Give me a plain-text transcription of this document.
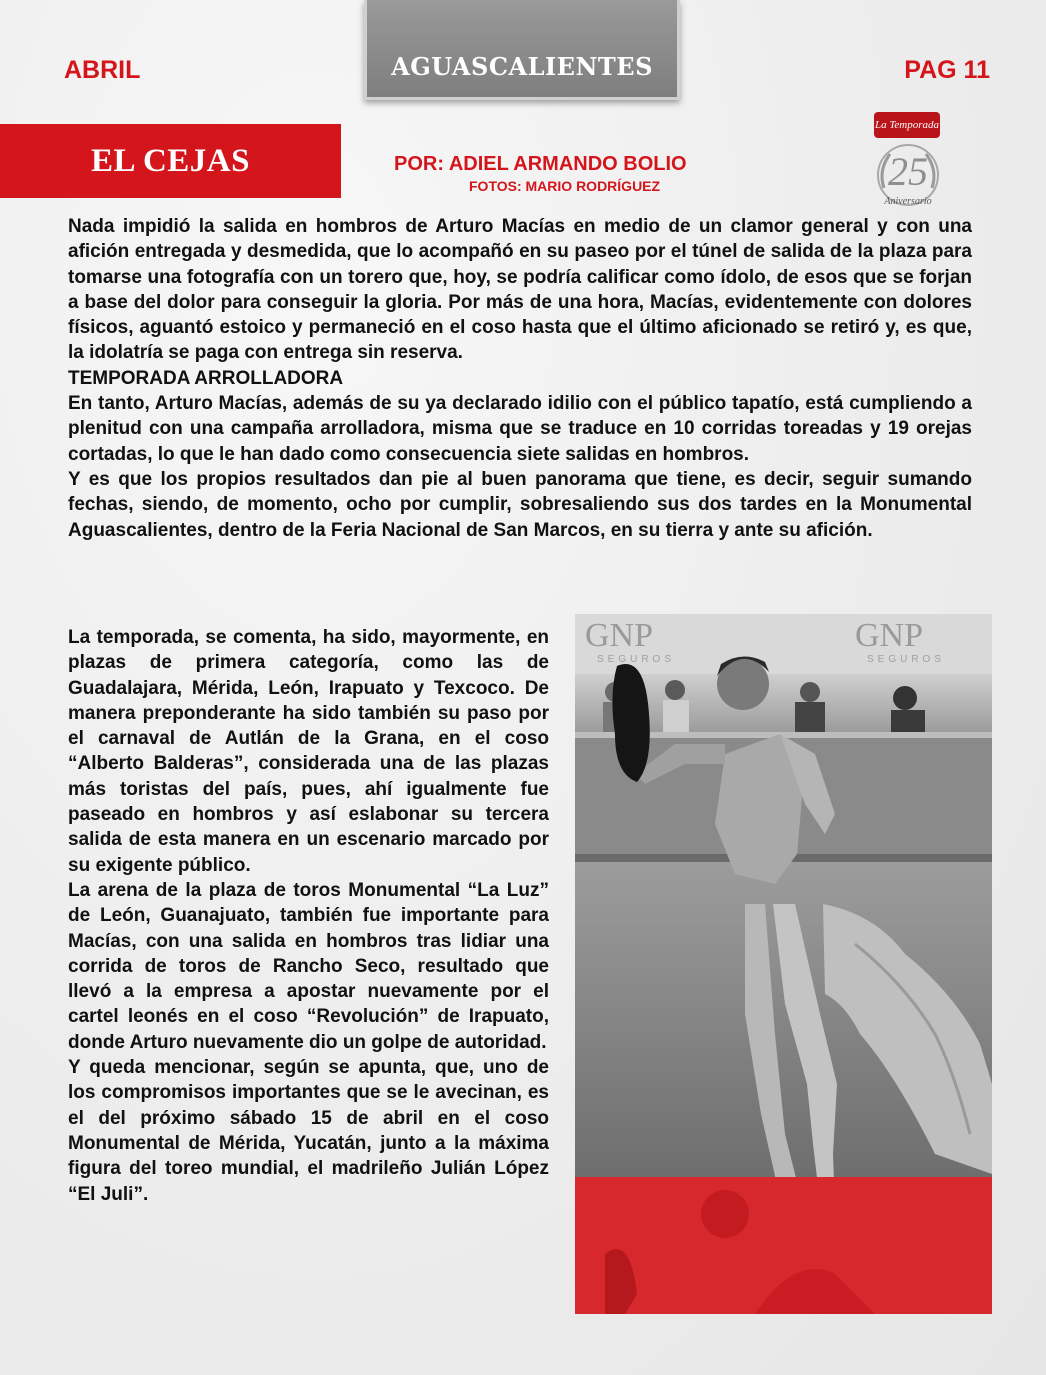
ABRIL	AGUASCALIENTES	PAG 11
EL CEJAS	POR: ADIEL ARMANDO BOLIO
FOTOS: MARIO RODRÍGUEZ
La Temporada
25
Aniversario

Nada impidió la salida en hombros de Arturo Macías en medio de un clamor general y con una afición entregada y desmedida, que lo acompañó en su paseo por el túnel de salida de la plaza para tomarse una fotografía con un torero que, hoy, se podría calificar como ídolo, de esos que se forjan a base del dolor para conseguir la gloria. Por más de una hora, Macías, evidentemente con dolores físicos, aguantó estoico y permaneció en el coso hasta que el último aficionado se retiró y, es que, la idolatría se paga con entrega sin reserva.

TEMPORADA ARROLLADORA

En tanto, Arturo Macías, además de su ya declarado idilio con el público tapatío, está cumpliendo a plenitud con una campaña arrolladora, misma que se traduce en 10 corridas toreadas y 19 orejas cortadas, lo que le han dado como consecuencia siete salidas en hombros.

Y es que los propios resultados dan pie al buen panorama que tiene, es decir, seguir sumando fechas, siendo, de momento, ocho por cumplir, sobresaliendo sus dos tardes en la Monumental Aguascalientes, dentro de la Feria Nacional de San Marcos, en su tierra y ante su afición.

La temporada, se comenta, ha sido, mayormente, en plazas de primera categoría, como las de Guadalajara, Mérida, León, Irapuato y Texcoco. De manera preponderante ha sido también su paso por el carnaval de Autlán de la Grana, en el coso “Alberto Balderas”, considerada una de las plazas más toristas del país, pues, ahí igualmente fue paseado en hombros y así eslabonar su tercera salida de esta manera en un escenario marcado por su exigente público.

La arena de la plaza de toros Monumental “La Luz” de León, Guanajuato, también fue importante para Macías, con una salida en hombros tras lidiar una corrida de toros de Rancho Seco, resultado que llevó a la empresa a apostar nuevamente por el cartel leonés en el coso “Revolución” de Irapuato, donde Arturo nuevamente dio un golpe de autoridad.

Y queda mencionar, según se apunta, que, uno de los compromisos importantes que se le avecinan, es el del próximo sábado 15 de abril en el coso Monumental de Mérida, Yucatán, junto a la máxima figura del toreo mundial, el madrileño Julián López “El Juli”.

GNP
SEGUROS
GNP
SEGUROS
